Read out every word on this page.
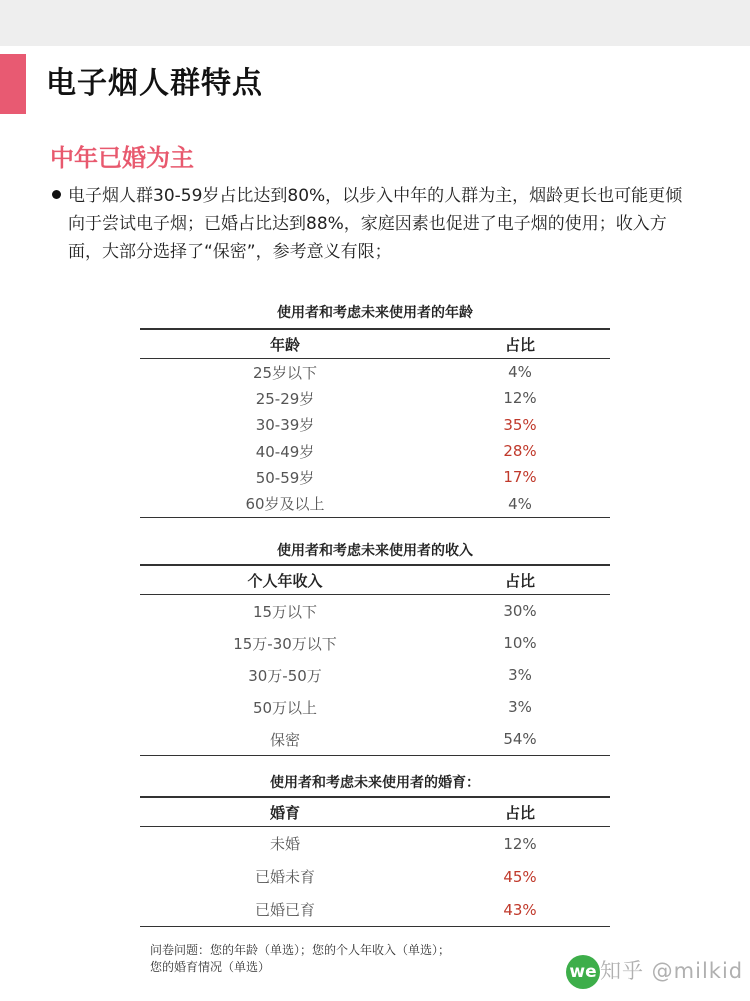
电子烟人群特点
中年已婚为主
电子烟人群30-59岁占比达到80%，以步入中年的人群为主，烟龄更长也可能更倾向于尝试电子烟；已婚占比达到88%，家庭因素也促进了电子烟的使用；收入方面，大部分选择了“保密”，参考意义有限；
使用者和考虑未来使用者的年龄
年龄	占比
25岁以下	4%
25-29岁	12%
30-39岁	35%
40-49岁	28%
50-59岁	17%
60岁及以上	4%
使用者和考虑未来使用者的收入
个人年收入	占比
15万以下	30%
15万-30万以下	10%
30万-50万	3%
50万以上	3%
保密	54%
使用者和考虑未来使用者的婚育：
婚育	占比
未婚	12%
已婚未育	45%
已婚已育	43%
问卷问题：您的年龄（单选）；您的个人年收入（单选）；
您的婚育情况（单选）	we 知乎 @milkid
